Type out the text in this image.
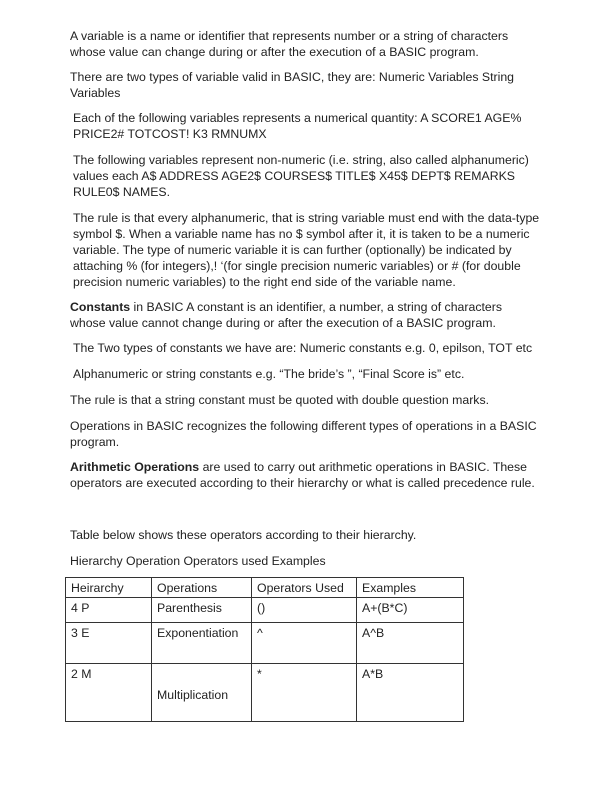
A variable is a name or identifier that represents number or a string of characters whose value can change during or after the execution of a BASIC program.

There are two types of variable valid in BASIC, they are: Numeric Variables String Variables

Each of the following variables represents a numerical quantity: A SCORE1 AGE% PRICE2# TOTCOST! K3 RMNUMX

The following variables represent non-numeric (i.e. string, also called alphanumeric) values each A$ ADDRESS AGE2$ COURSES$ TITLE$ X45$ DEPT$ REMARKS RULE0$ NAMES.

The rule is that every alphanumeric, that is string variable must end with the data-type symbol $. When a variable name has no $ symbol after it, it is taken to be a numeric variable. The type of numeric variable it is can further (optionally) be indicated by attaching % (for integers),! ‘(for single precision numeric variables) or # (for double precision numeric variables) to the right end side of the variable name.

Constants in BASIC A constant is an identifier, a number, a string of characters whose value cannot change during or after the execution of a BASIC program.

The Two types of constants we have are: Numeric constants e.g. 0, epilson, TOT etc

Alphanumeric or string constants e.g. “The bride’s ”, “Final Score is” etc.

The rule is that a string constant must be quoted with double question marks.

Operations in BASIC recognizes the following different types of operations in a BASIC program.

Arithmetic Operations are used to carry out arithmetic operations in BASIC. These operators are executed according to their hierarchy or what is called precedence rule.

Table below shows these operators according to their hierarchy.

Hierarchy Operation Operators used Examples

Heirarchy	Operations	Operators Used	Examples
4 P	Parenthesis	()	A+(B*C)
3 E	Exponentiation	^	A^B
2 M	Multiplication	*	A*B
